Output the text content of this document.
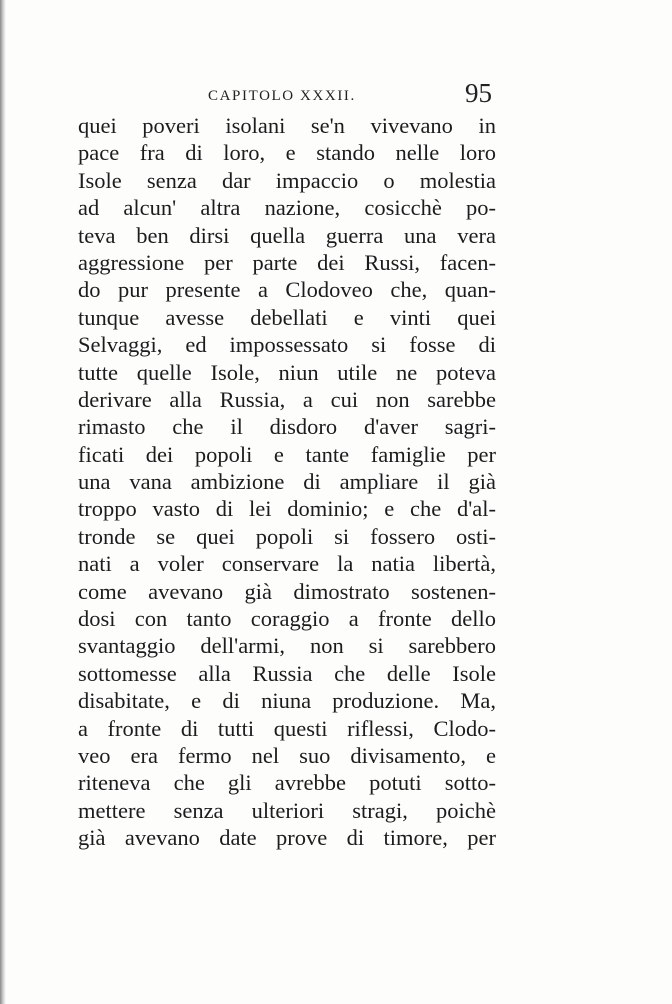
CAPITOLO XXXII.	95
quei poveri isolani se'n vivevano in
pace fra di loro, e stando nelle loro
Isole senza dar impaccio o molestia
ad alcun' altra nazione, cosicchè po-
teva ben dirsi quella guerra una vera
aggressione per parte dei Russi, facen-
do pur presente a Clodoveo che, quan-
tunque avesse debellati e vinti quei
Selvaggi, ed impossessato si fosse di
tutte quelle Isole, niun utile ne poteva
derivare alla Russia, a cui non sarebbe
rimasto che il disdoro d'aver sagri-
ficati dei popoli e tante famiglie per
una vana ambizione di ampliare il già
troppo vasto di lei dominio; e che d'al-
tronde se quei popoli si fossero osti-
nati a voler conservare la natia libertà,
come avevano già dimostrato sostenen-
dosi con tanto coraggio a fronte dello
svantaggio dell'armi, non si sarebbero
sottomesse alla Russia che delle Isole
disabitate, e di niuna produzione. Ma,
a fronte di tutti questi riflessi, Clodo-
veo era fermo nel suo divisamento, e
riteneva che gli avrebbe potuti sotto-
mettere senza ulteriori stragi, poichè
già avevano date prove di timore, per
